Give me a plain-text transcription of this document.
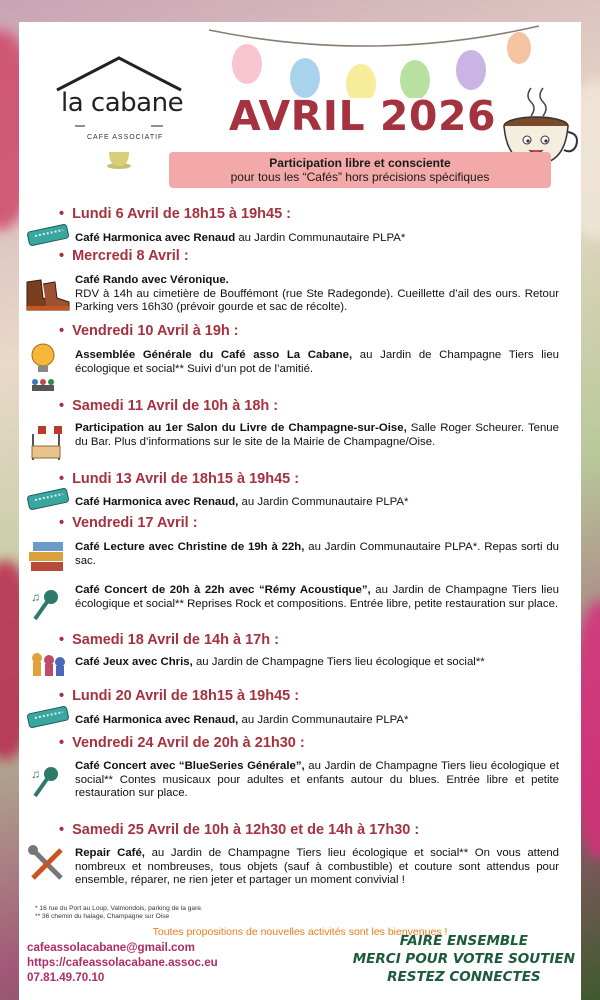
la cabane
CAFE ASSOCIATIF AVRIL 2026
Participation libre et consciente
pour tous les “Cafés” hors précisions spécifiques
• Lundi 6 Avril de 18h15 à 19h45 :
Café Harmonica avec Renaud au Jardin Communautaire PLPA*
• Mercredi 8 Avril :
Café Rando avec Véronique.
RDV à 14h au cimetière de Bouffémont (rue Ste Radegonde). Cueillette d’ail des ours. Retour Parking vers 16h30 (prévoir gourde et sac de récolte).
• Vendredi 10 Avril à 19h :
Assemblée Générale du Café asso La Cabane, au Jardin de Champagne Tiers lieu écologique et social** Suivi d’un pot de l’amitié.
• Samedi 11 Avril de 10h à 18h :
Participation au 1er Salon du Livre de Champagne-sur-Oise, Salle Roger Scheurer. Tenue du Bar. Plus d’informations sur le site de la Mairie de Champagne/Oise.
• Lundi 13 Avril de 18h15 à 19h45 :
Café Harmonica avec Renaud, au Jardin Communautaire PLPA*
• Vendredi 17 Avril :
Café Lecture avec Christine de 19h à 22h, au Jardin Communautaire PLPA*. Repas sorti du sac.
♫	Café Concert de 20h à 22h avec “Rémy Acoustique”, au Jardin de Champagne Tiers lieu écologique et social** Reprises Rock et compositions. Entrée libre, petite restauration sur place.
• Samedi 18 Avril de 14h à 17h :
Café Jeux avec Chris, au Jardin de Champagne Tiers lieu écologique et social**
• Lundi 20 Avril de 18h15 à 19h45 :
Café Harmonica avec Renaud, au Jardin Communautaire PLPA*
• Vendredi 24 Avril de 20h à 21h30 :
♫
Café Concert avec “BlueSeries Générale”, au Jardin de Champagne Tiers lieu écologique et social** Contes musicaux pour adultes et enfants autour du blues. Entrée libre et petite restauration sur place.
• Samedi 25 Avril de 10h à 12h30 et de 14h à 17h30 :
Repair Café, au Jardin de Champagne Tiers lieu écologique et social** On vous attend nombreux et nombreuses, tous objets (sauf à combustible) et couture sont attendus pour ensemble, réparer, ne rien jeter et partager un moment convivial !
* 16 rue du Port au Loup, Valmondois, parking de la gare.
** 36 chemin du halage, Champagne sur Oise
Toutes propositions de nouvelles activités sont les bienvenues !
cafeassolacabane@gmail.com
https://cafeassolacabane.assoc.eu
07.81.49.70.10
FAIRE ENSEMBLE
MERCI POUR VOTRE SOUTIEN
RESTEZ CONNECTES
